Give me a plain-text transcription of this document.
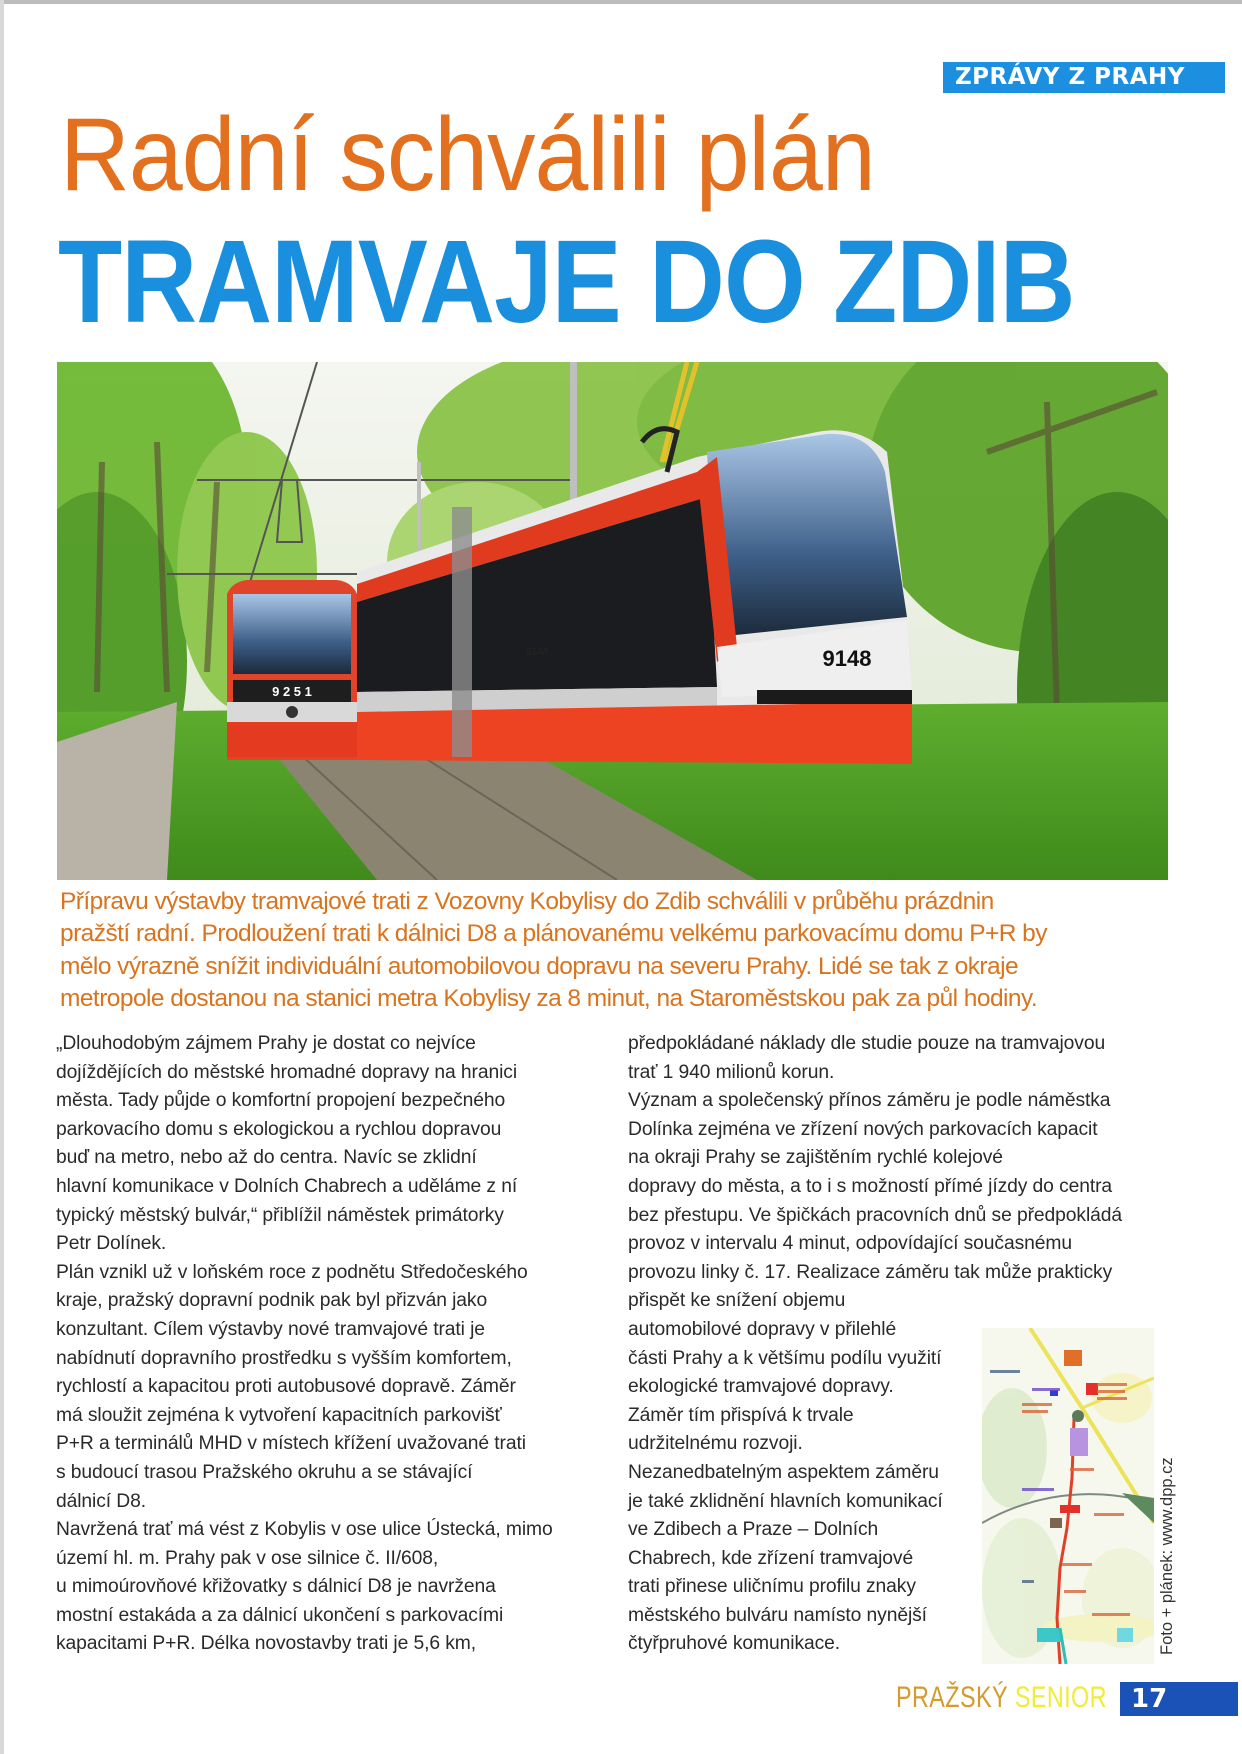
ZPRÁVY Z PRAHY
Radní schválili plán
TRAMVAJE DO ZDIB
9 2 5 1
9148
9148
Přípravu výstavby tramvajové trati z Vozovny Kobylisy do Zdib schválili v průběhu prázdnin
pražští radní. Prodloužení trati k dálnici D8 a plánovanému velkému parkovacímu domu P+R by
mělo výrazně snížit individuální automobilovou dopravu na severu Prahy. Lidé se tak z okraje
metropole dostanou na stanici metra Kobylisy za 8 minut, na Staroměstskou pak za půl hodiny.
„Dlouhodobým zájmem Prahy je dostat co nejvíce
dojíždějících do městské hromadné dopravy na hranici
města. Tady půjde o komfortní propojení bezpečného
parkovacího domu s ekologickou a rychlou dopravou
buď na metro, nebo až do centra. Navíc se zklidní
hlavní komunikace v Dolních Chabrech a uděláme z ní
typický městský bulvár,“ přiblížil náměstek primátorky
Petr Dolínek.
Plán vznikl už v loňském roce z podnětu Středočeského
kraje, pražský dopravní podnik pak byl přizván jako
konzultant. Cílem výstavby nové tramvajové trati je
nabídnutí dopravního prostředku s vyšším komfortem,
rychlostí a kapacitou proti autobusové dopravě. Záměr
má sloužit zejména k vytvoření kapacitních parkovišť
P+R a terminálů MHD v místech křížení uvažované trati
s budoucí trasou Pražského okruhu a se stávající
dálnicí D8.
Navržená trať má vést z Kobylis v ose ulice Ústecká, mimo
území hl. m. Prahy pak v ose silnice č. II/608,
u mimoúrovňové křižovatky s dálnicí D8 je navržena
mostní estakáda a za dálnicí ukončení s parkovacími
kapacitami P+R. Délka novostavby trati je 5,6 km,
předpokládané náklady dle studie pouze na tramvajovou
trať 1 940 milionů korun.
Význam a společenský přínos záměru je podle náměstka
Dolínka zejména ve zřízení nových parkovacích kapacit
na okraji Prahy se zajištěním rychlé kolejové
dopravy do města, a to i s možností přímé jízdy do centra
bez přestupu. Ve špičkách pracovních dnů se předpokládá
provoz v intervalu 4 minut, odpovídající současnému
provozu linky č. 17. Realizace záměru tak může prakticky
přispět ke snížení objemu
automobilové dopravy v přilehlé
části Prahy a k většímu podílu využití
ekologické tramvajové dopravy.
Záměr tím přispívá k trvale
udržitelnému rozvoji.
Nezanedbatelným aspektem záměru
je také zklidnění hlavních komunikací
ve Zdibech a Praze – Dolních
Chabrech, kde zřízení tramvajové
trati přinese uličnímu profilu znaky
městského bulváru namísto nynější
čtyřpruhové komunikace.	Foto + plánek: www.dpp.cz
PRAŽSKÝ SENIOR 17
